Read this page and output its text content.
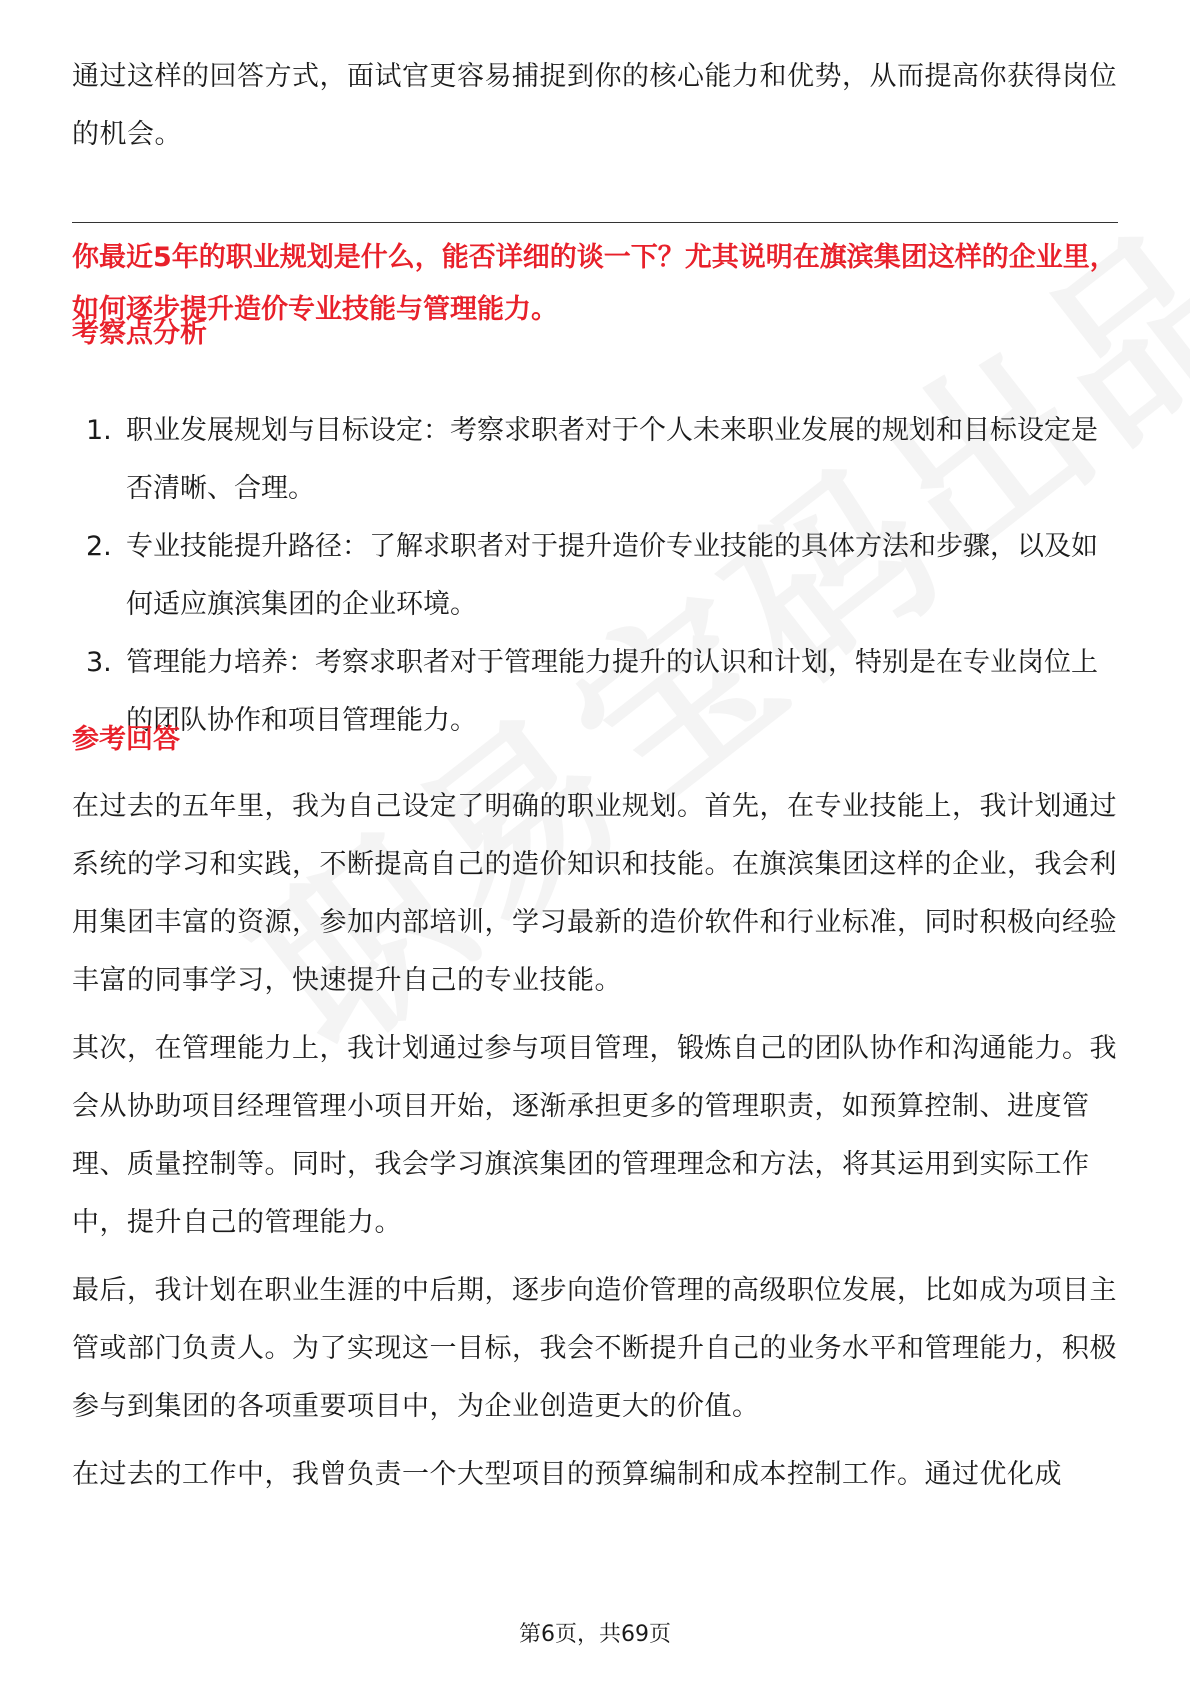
通过这样的回答方式，面试官更容易捕捉到你的核心能力和优势，从而提高你获得岗位的机会。

你最近5年的职业规划是什么，能否详细的谈一下？尤其说明在旗滨集团这样的企业里，如何逐步提升造价专业技能与管理能力。

考察点分析

1. 职业发展规划与目标设定：考察求职者对于个人未来职业发展的规划和目标设定是否清晰、合理。
2. 专业技能提升路径：了解求职者对于提升造价专业技能的具体方法和步骤，以及如何适应旗滨集团的企业环境。
3. 管理能力培养：考察求职者对于管理能力提升的认识和计划，特别是在专业岗位上的团队协作和项目管理能力。

参考回答

在过去的五年里，我为自己设定了明确的职业规划。首先，在专业技能上，我计划通过系统的学习和实践，不断提高自己的造价知识和技能。在旗滨集团这样的企业，我会利用集团丰富的资源，参加内部培训，学习最新的造价软件和行业标准，同时积极向经验丰富的同事学习，快速提升自己的专业技能。

其次，在管理能力上，我计划通过参与项目管理，锻炼自己的团队协作和沟通能力。我会从协助项目经理管理小项目开始，逐渐承担更多的管理职责，如预算控制、进度管理、质量控制等。同时，我会学习旗滨集团的管理理念和方法，将其运用到实际工作中，提升自己的管理能力。

最后，我计划在职业生涯的中后期，逐步向造价管理的高级职位发展，比如成为项目主管或部门负责人。为了实现这一目标，我会不断提升自己的业务水平和管理能力，积极参与到集团的各项重要项目中，为企业创造更大的价值。

在过去的工作中，我曾负责一个大型项目的预算编制和成本控制工作。通过优化成

第6页，共69页
